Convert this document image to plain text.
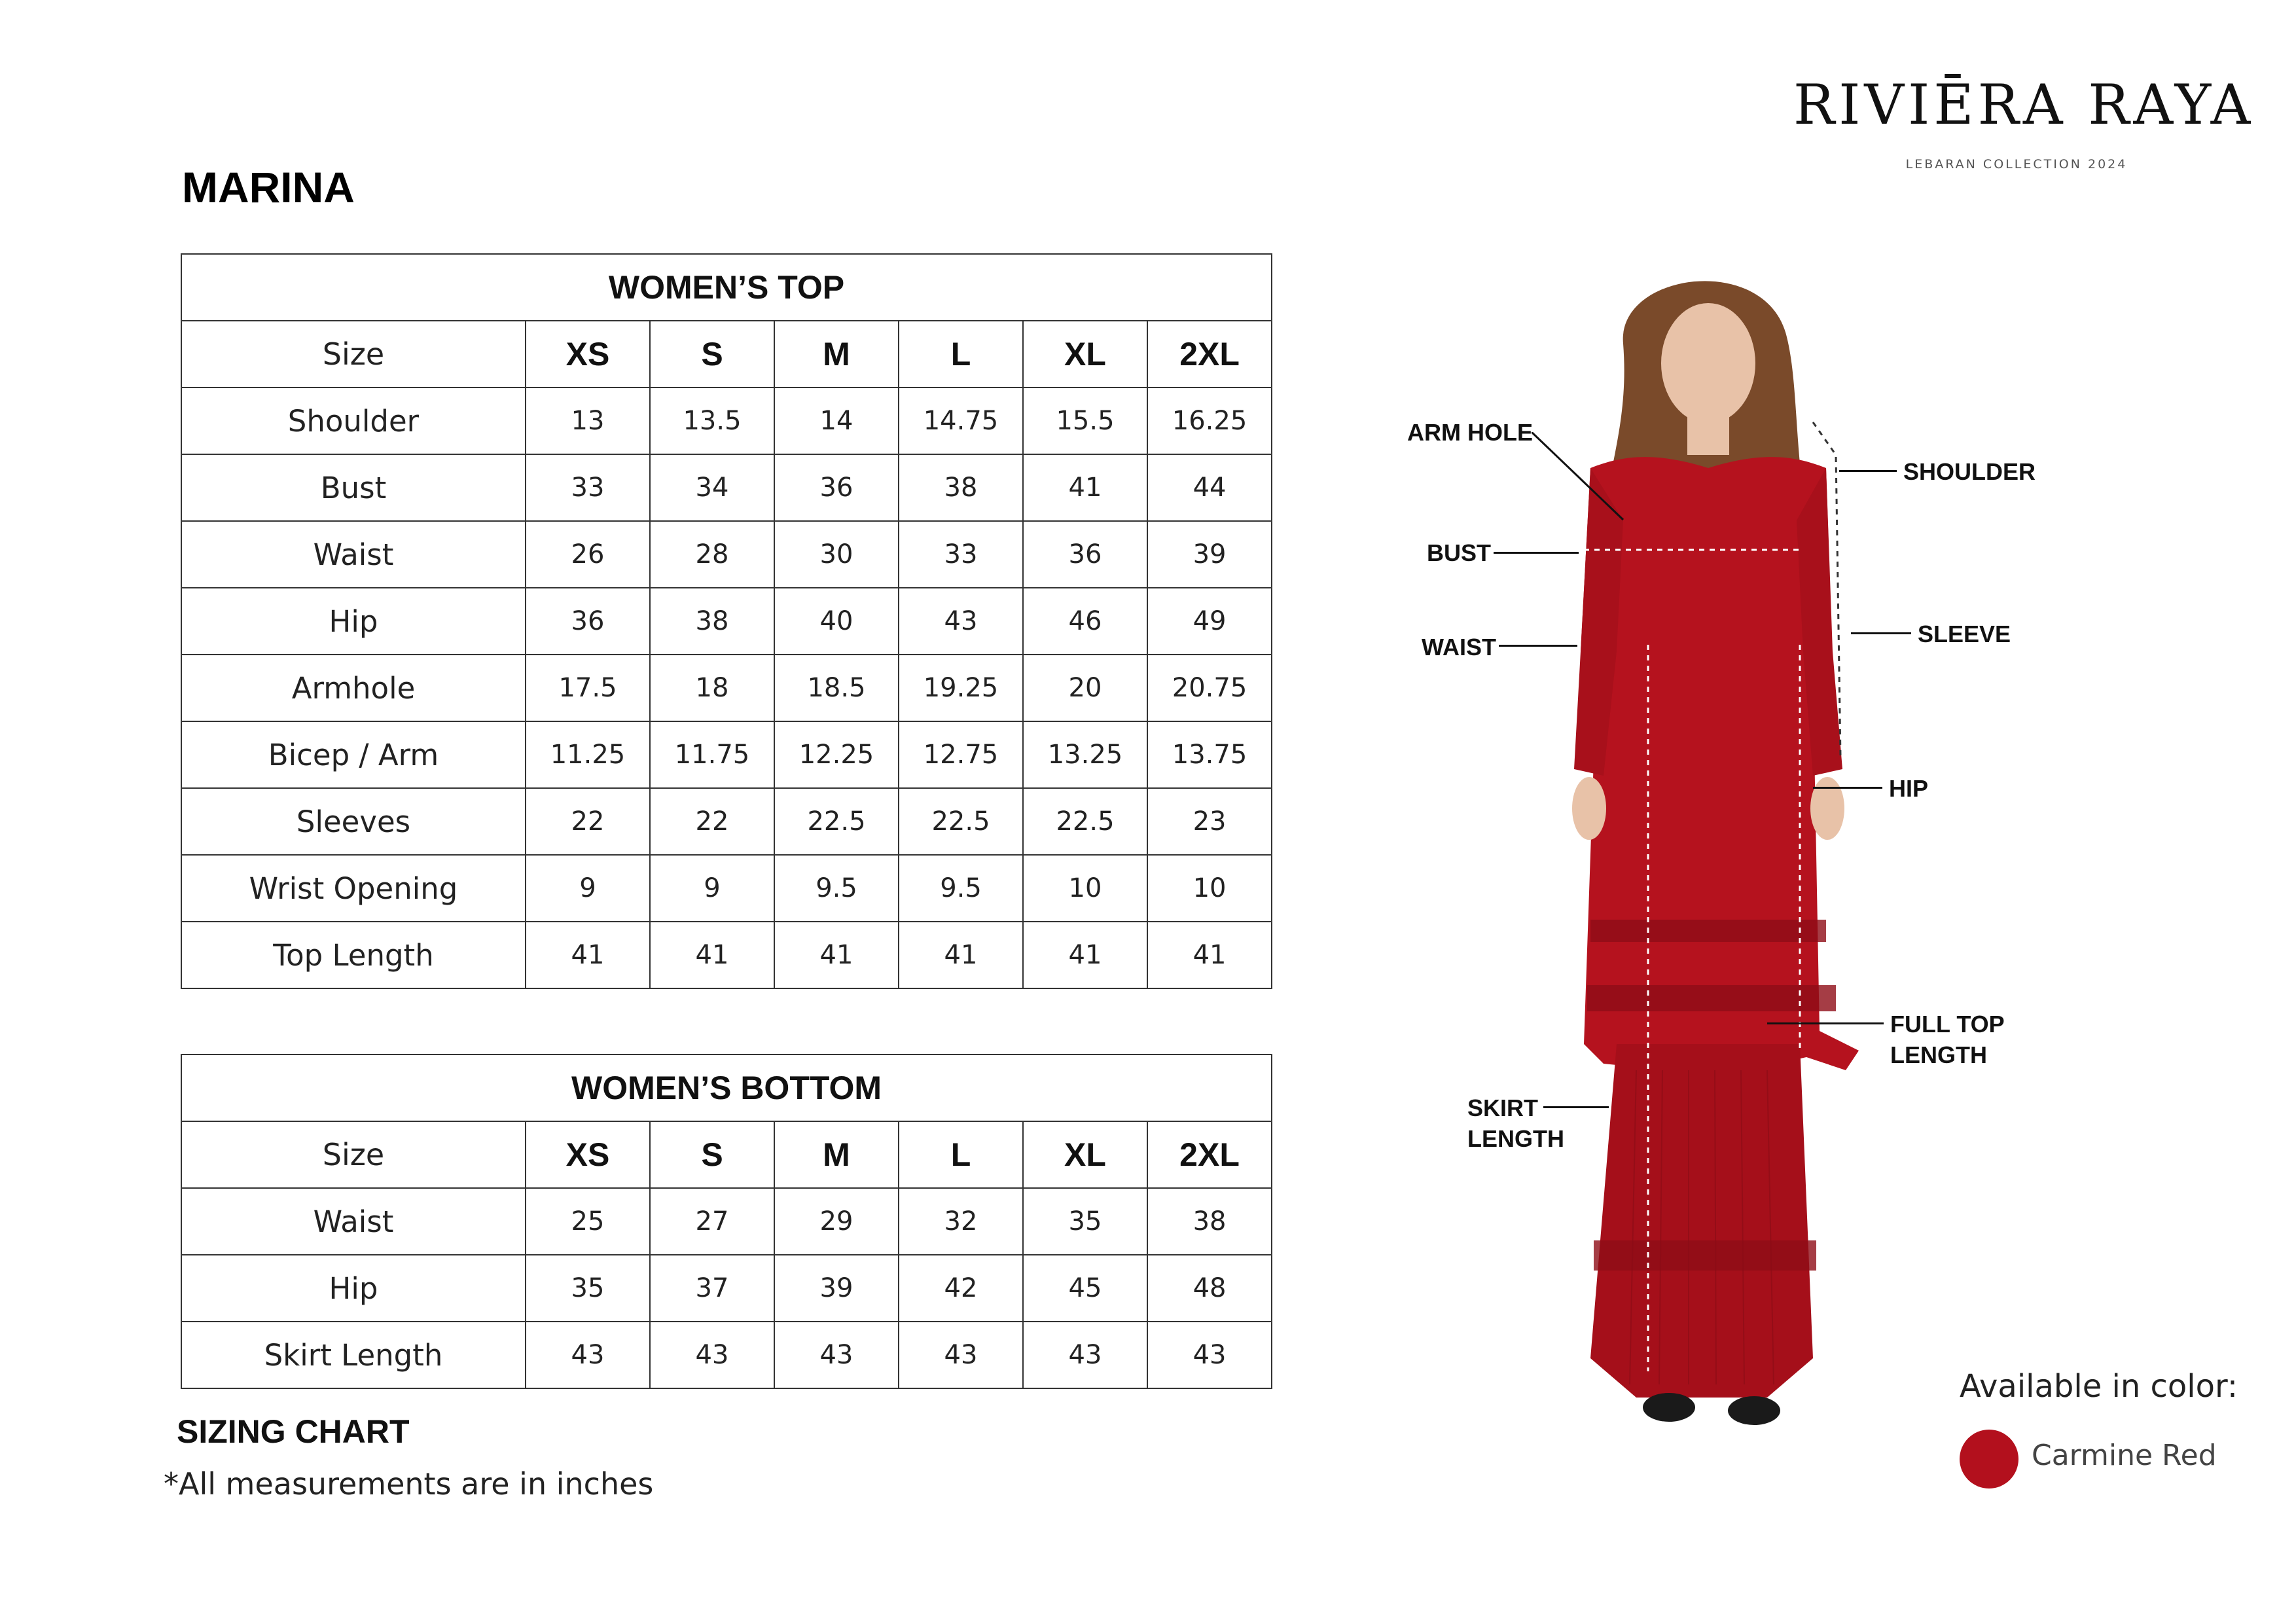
RIVIĒRA RAYA
LEBARAN COLLECTION 2024
MARINA
WOMEN’S TOP						
Size	XS	S	M	L	XL	2XL
Shoulder	13	13.5	14	14.75	15.5	16.25
Bust	33	34	36	38	41	44
Waist	26	28	30	33	36	39
Hip	36	38	40	43	46	49
Armhole	17.5	18	18.5	19.25	20	20.75
Bicep / Arm	11.25	11.75	12.25	12.75	13.25	13.75
Sleeves	22	22	22.5	22.5	22.5	23
Wrist Opening	9	9	9.5	9.5	10	10
Top Length	41	41	41	41	41	41
WOMEN’S BOTTOM						
Size	XS	S	M	L	XL	2XL
Waist	25	27	29	32	35	38
Hip	35	37	39	42	45	48
Skirt Length	43	43	43	43	43	43
SIZING CHART
*All measurements are in inches
ARM HOLE
BUST
WAIST
SHOULDER
SLEEVE
HIP
FULL TOP
LENGTH
SKIRT
LENGTH
Available in color:
Carmine Red
